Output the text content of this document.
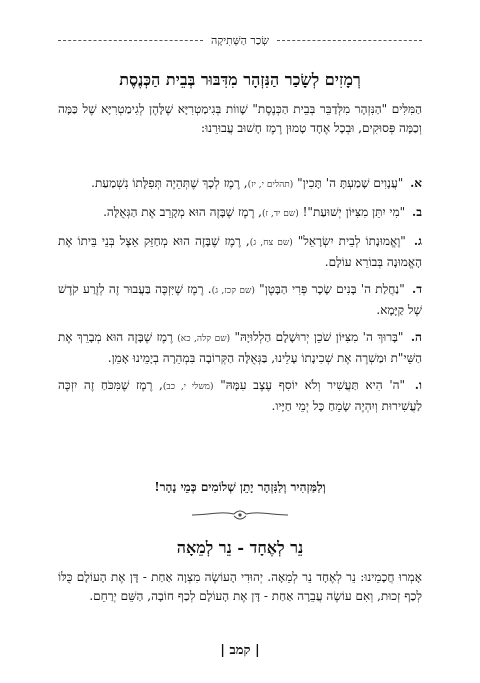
שְׂכַר הַשְּׁתִיקָה
רְמָזִים לְשָׂכַר הַנִּזְהָר מִדִּבּוּר בְּבֵית הַכְּנֶסֶת

הַמִּלִּים "הַנִּזְהָר מִלְּדַבֵּר בְּבֵית הַכְּנֶסֶת" שָׁווֹת בְּגִימַטְרִיָּא שֶׁלָּהֶן לְגִימַטְרִיָּא שֶׁל כַּמָּה וְכַמָּה פְּסוּקִים, וּבְכָל אֶחָד טָמוּן רֶמֶז חָשׁוּב עֲבוּרֵנוּ:

א. "עֲנָוִים שָׁמַעְתָּ ה' תָּכִין" (תהלים י, יז), רֶמֶז לְכָךְ שֶׁתְּהֵיֶה תְּפִלָּתוֹ נִשְׁמַעַת.
ב. "מִי יִתֵּן מִצִּיּוֹן יְשׁוּעַת"! (שם יד, ז), רֶמֶז שֶׁבָּזֶה הוּא מְקָרֵב אֶת הַגְּאֻלָּה.
ג. "וֶאֱמוּנָתוֹ לְבֵית יִשְׂרָאֵל" (שם צח, ג), רֶמֶז שֶׁבָּזֶה הוּא מְחַזֵּק אֵצֶל בְּנֵי בֵּיתוֹ אֶת הָאֱמוּנָה בְּבוֹרֵא עוֹלָם.
ד. "נַחֲלַת ה' בָּנִים שָׂכָר פְּרִי הַבָּטֶן" (שם קכז, ג). רֶמֶז שֶׁיִּזְכֶּה בַּעֲבוּר זֶה לְזֶרַע קֹדֶשׁ שֶׁל קַיָּמָא.
ה. "בָּרוּךְ ה' מִצִּיּוֹן שֹׁכֵן יְרוּשָׁלָם הַלְלוּיָהּ" (שם קלה, כא) רֶמֶז שֶׁבָּזֶה הוּא מְבָרֵךְ אֶת הַשֵּׁי"ת וּמַשְׁרֶה אֶת שְׁכִינָתוֹ עָלֵינוּ, בַּגְּאֻלָּה הַקְּרוֹבָה בִּמְהֵרָה בְיָמֵינוּ אָמֵן.
ו. "ה' הִיא תַּעֲשִׁיר וְלֹא יוֹסִף עֶצֶב עִמָּהּ" (משלי י, כב), רֶמֶז שֶׁמִּכֹּחַ זֶה יִזְכֶּה לַעֲשִׁירוּת וְיִהְיֶה שָׂמֵחַ כָּל יְמֵי חַיָּיו.
וְלַמַּזְהִיר וְלַנִּזְהָר יָתֵן שְׁלוֹמִים כְּמֵי נָהָר!
נֵר לְאֶחָד - נֵר לְמֵאָה

אָמְרוּ חֲכָמֵינוּ: נֵר לְאֶחָד נֵר לְמֵאָה. יְהוּדִי הָעוֹשֶׂה מִצְוָה אַחַת - דָּן אֶת הָעוֹלָם כֻּלּוֹ לְכַף זְכוּת, וְאִם עוֹשֶׂה עֲבֵרָה אַחַת - דָּן אֶת הָעוֹלָם לְכַף חוֹבָה, הַשֵּׁם יְרַחֵם.

| קמב |
